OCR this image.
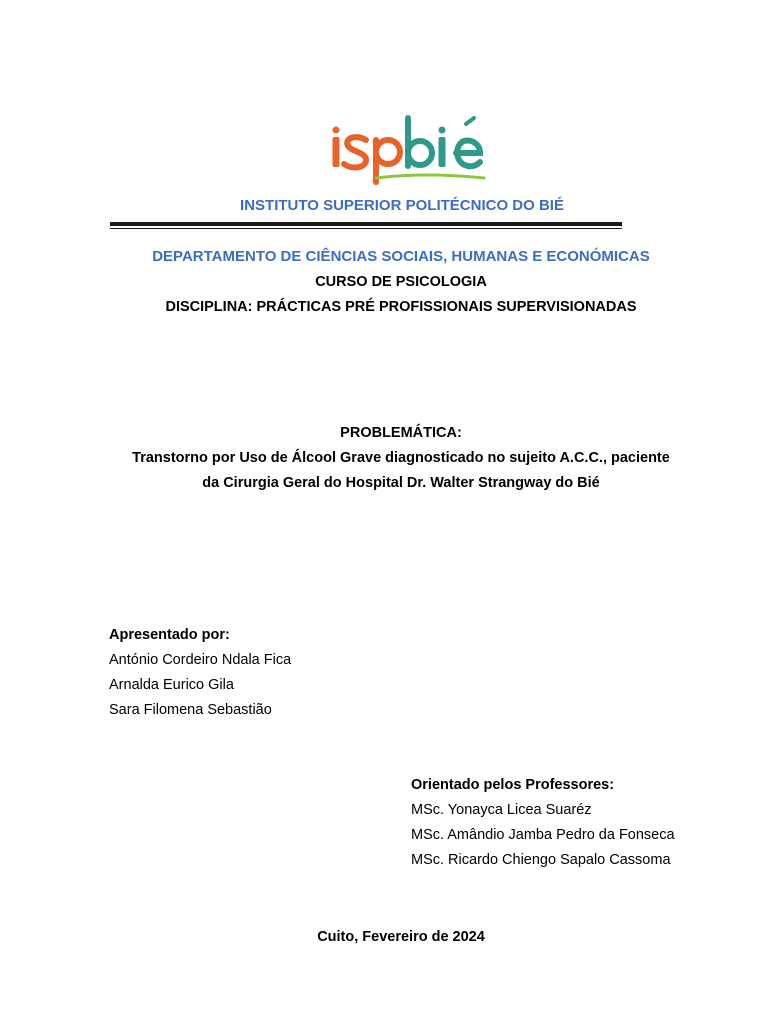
INSTITUTO SUPERIOR POLITÉCNICO DO BIÉ
DEPARTAMENTO DE CIÊNCIAS SOCIAIS, HUMANAS E ECONÓMICAS
CURSO DE PSICOLOGIA
DISCIPLINA: PRÁCTICAS PRÉ PROFISSIONAIS SUPERVISIONADAS
PROBLEMÁTICA:
Transtorno por Uso de Álcool Grave diagnosticado no sujeito A.C.C., paciente
da Cirurgia Geral do Hospital Dr. Walter Strangway do Bié
Apresentado por:
António Cordeiro Ndala Fica
Arnalda Eurico Gila
Sara Filomena Sebastião
Orientado pelos Professores:
MSc. Yonayca Licea Suaréz
MSc. Amândio Jamba Pedro da Fonseca
MSc. Ricardo Chiengo Sapalo Cassoma
Cuito, Fevereiro de 2024
